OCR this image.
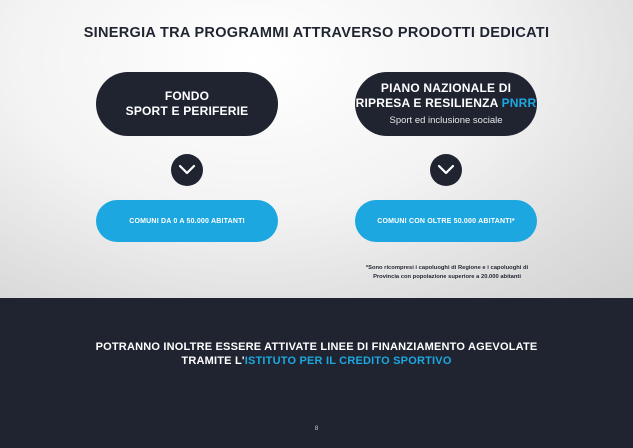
SINERGIA TRA PROGRAMMI ATTRAVERSO PRODOTTI DEDICATI
FONDO
SPORT E PERIFERIE
PIANO NAZIONALE DI
RIPRESA E RESILIENZA PNRR
Sport ed inclusione sociale
COMUNI DA 0 A 50.000 ABITANTI	COMUNI CON OLTRE 50.000 ABITANTI*
*Sono ricompresi i capoluoghi di Regione e i capoluoghi di
Provincia con popolazione superiore a 20.000 abitanti
POTRANNO INOLTRE ESSERE ATTIVATE LINEE DI FINANZIAMENTO AGEVOLATE
TRAMITE L'ISTITUTO PER IL CREDITO SPORTIVO
8
